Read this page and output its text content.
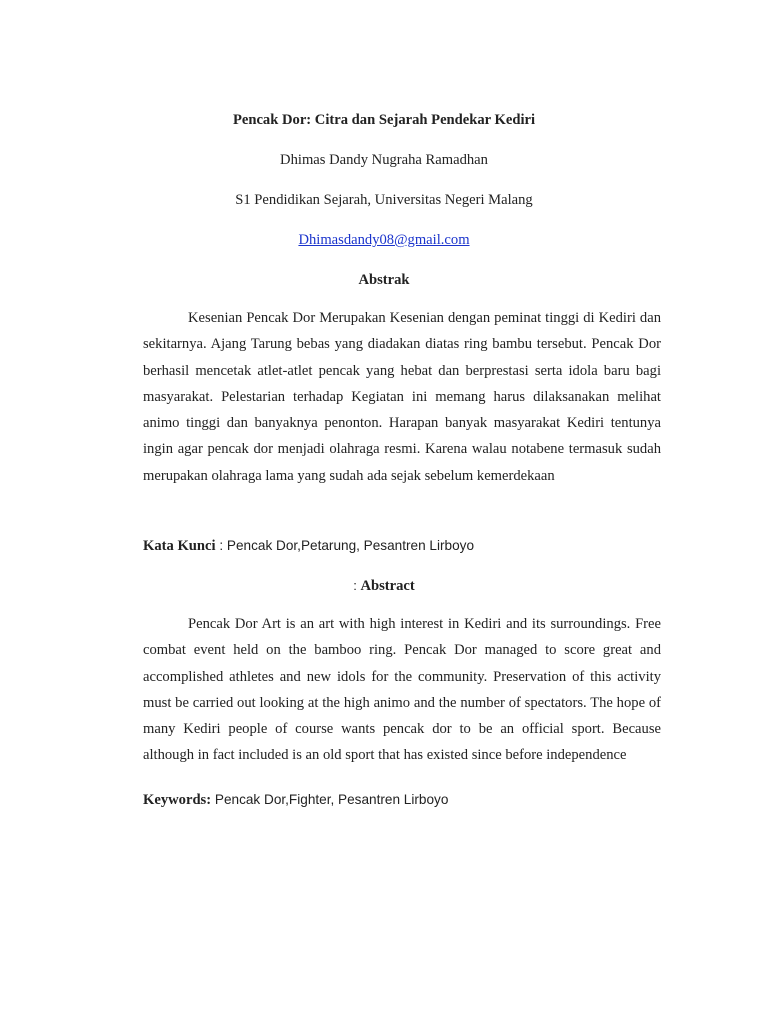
Pencak Dor: Citra dan Sejarah Pendekar Kediri
Dhimas Dandy Nugraha Ramadhan
S1 Pendidikan Sejarah, Universitas Negeri Malang
Dhimasdandy08@gmail.com
Abstrak

Kesenian Pencak Dor Merupakan Kesenian dengan peminat tinggi di Kediri dan sekitarnya. Ajang Tarung bebas yang diadakan diatas ring bambu tersebut. Pencak Dor berhasil mencetak atlet-atlet pencak yang hebat dan berprestasi serta idola baru bagi masyarakat. Pelestarian terhadap Kegiatan ini memang harus dilaksanakan melihat animo tinggi dan banyaknya penonton. Harapan banyak masyarakat Kediri tentunya ingin agar pencak dor menjadi olahraga resmi. Karena walau notabene termasuk sudah merupakan olahraga lama yang sudah ada sejak sebelum kemerdekaan

Kata Kunci : Pencak Dor,Petarung, Pesantren Lirboyo
: Abstract

Pencak Dor Art is an art with high interest in Kediri and its surroundings. Free combat event held on the bamboo ring. Pencak Dor managed to score great and accomplished athletes and new idols for the community. Preservation of this activity must be carried out looking at the high animo and the number of spectators. The hope of many Kediri people of course wants pencak dor to be an official sport. Because although in fact included is an old sport that has existed since before independence

Keywords: Pencak Dor,Fighter, Pesantren Lirboyo
